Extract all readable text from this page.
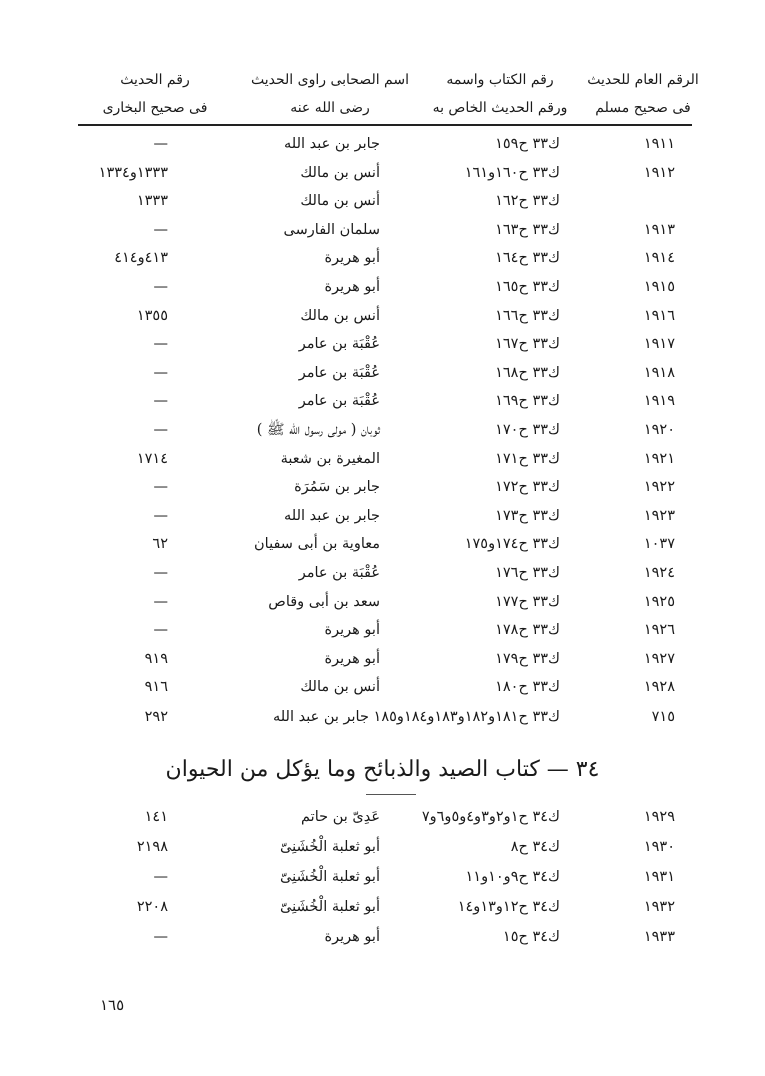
الرقم العام للحديث
فى صحيح مسلم
رقم الكتاب واسمه
ورقم الحديث الخاص به
اسم الصحابى راوى الحديث
رضى الله عنه
رقم الحديث
فى صحيح البخارى
١٩١١
ك٣٣ ح١٥٩
جابر بن عبد الله
—
١٩١٢
ك٣٣ ح١٦٠و١٦١
أنس بن مالك
١٣٣٣و١٣٣٤
ك٣٣ ح١٦٢
أنس بن مالك
١٣٣٣
١٩١٣
ك٣٣ ح١٦٣
سلمان الفارسى
—
١٩١٤
ك٣٣ ح١٦٤
أبو هريرة
٤١٣و٤١٤
١٩١٥
ك٣٣ ح١٦٥
أبو هريرة
—
١٩١٦
ك٣٣ ح١٦٦
أنس بن مالك
١٣٥٥
١٩١٧
ك٣٣ ح١٦٧
عُقْبَة بن عامر
—
١٩١٨
ك٣٣ ح١٦٨
عُقْبَة بن عامر
—
١٩١٩
ك٣٣ ح١٦٩
عُقْبَة بن عامر
—
١٩٢٠
ك٣٣ ح١٧٠
ثوبان ( مولى رسول الله ﷺ )
—
١٩٢١
ك٣٣ ح١٧١
المغيرة بن شعبة
١٧١٤
١٩٢٢
ك٣٣ ح١٧٢
جابر بن سَمُرَة
—
١٩٢٣
ك٣٣ ح١٧٣
جابر بن عبد الله
—
١٠٣٧
ك٣٣ ح١٧٤و١٧٥
معاوية بن أبى سفيان
٦٢
١٩٢٤
ك٣٣ ح١٧٦
عُقْبَة بن عامر
—
١٩٢٥
ك٣٣ ح١٧٧
سعد بن أبى وقاص
—
١٩٢٦
ك٣٣ ح١٧٨
أبو هريرة
—
١٩٢٧
ك٣٣ ح١٧٩
أبو هريرة
٩١٩
١٩٢٨
ك٣٣ ح١٨٠
أنس بن مالك
٩١٦
٧١٥
ك٣٣ ح١٨١و١٨٢و١٨٣و١٨٤و١٨٥ جابر بن عبد الله
٢٩٢
٣٤ — كتاب الصيد والذبائح وما يؤكل من الحيوان
١٩٢٩
ك٣٤ ح١و٢و٣و٤و٥و٦و٧
عَدِىّ بن حاتم
١٤١
١٩٣٠
ك٣٤ ح٨
أبو ثعلبة الْخُشَنِىّ
٢١٩٨
١٩٣١
ك٣٤ ح٩و١٠و١١
أبو ثعلبة الْخُشَنِىّ
—
١٩٣٢
ك٣٤ ح١٢و١٣و١٤
أبو ثعلبة الْخُشَنِىّ
٢٢٠٨
١٩٣٣
ك٣٤ ح١٥
أبو هريرة
—
١٦٥
